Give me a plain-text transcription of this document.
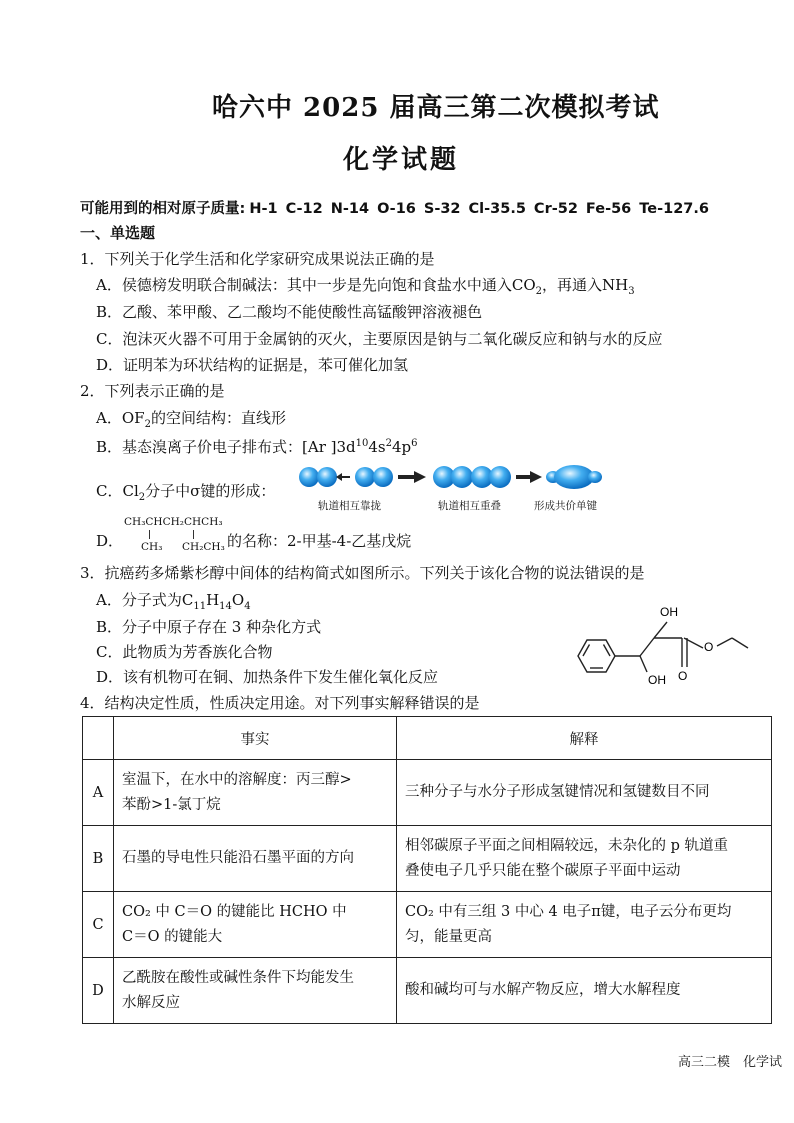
哈六中 2025 届高三第二次模拟考试
化学试题
可能用到的相对原子质量: H-1 C-12 N-14 O-16 S-32 Cl-35.5 Cr-52 Fe-56 Te-127.6
一、单选题
1．下列关于化学生活和化学家研究成果说法正确的是
A．侯德榜发明联合制碱法：其中一步是先向饱和食盐水中通入$CO_2$，再通入$NH_3$
B．乙酸、苯甲酸、乙二酸均不能使酸性高锰酸钾溶液褪色
C．泡沫灭火器不可用于金属钠的灭火，主要原因是钠与二氧化碳反应和钠与水的反应
D．证明苯为环状结构的证据是，苯可催化加氢
2．下列表示正确的是
A．$OF_2$的空间结构：直线形
B．基态溴离子价电子排布式：[Ar ]$3d^{10}4s^24p^6$
C．$Cl_2$分子中σ键的形成：
轨道相互靠拢	轨道相互重叠	形成共价单键
D．
CH₃CHCH₂CHCH₃
CH₃ CH₂CH₃ 的名称：2-甲基-4-乙基戊烷
3．抗癌药多烯紫杉醇中间体的结构简式如图所示。下列关于该化合物的说法错误的是
A．分子式为$C_{11}H_{14}O_4$
B．分子中原子存在 3 种杂化方式
C．此物质为芳香族化合物
D．该有机物可在铜、加热条件下发生催化氧化反应
OH
OH
O
O
4．结构决定性质，性质决定用途。对下列事实解释错误的是
	事实	解释
A	室温下，在水中的溶解度：丙三醇>
苯酚>1-氯丁烷	三种分子与水分子形成氢键情况和氢键数目不同

B	石墨的导电性只能沿石墨平面的方向	相邻碳原子平面之间相隔较远，未杂化的 p 轨道重
叠使电子几乎只能在整个碳原子平面中运动

C	CO₂ 中 C＝O 的键能比 HCHO 中
C＝O 的键能大	CO₂ 中有三组 3 中心 4 电子π键，电子云分布更均
匀，能量更高

D	乙酰胺在酸性或碱性条件下均能发生
水解反应	酸和碱均可与水解产物反应，增大水解程度
高三二模　化学试
